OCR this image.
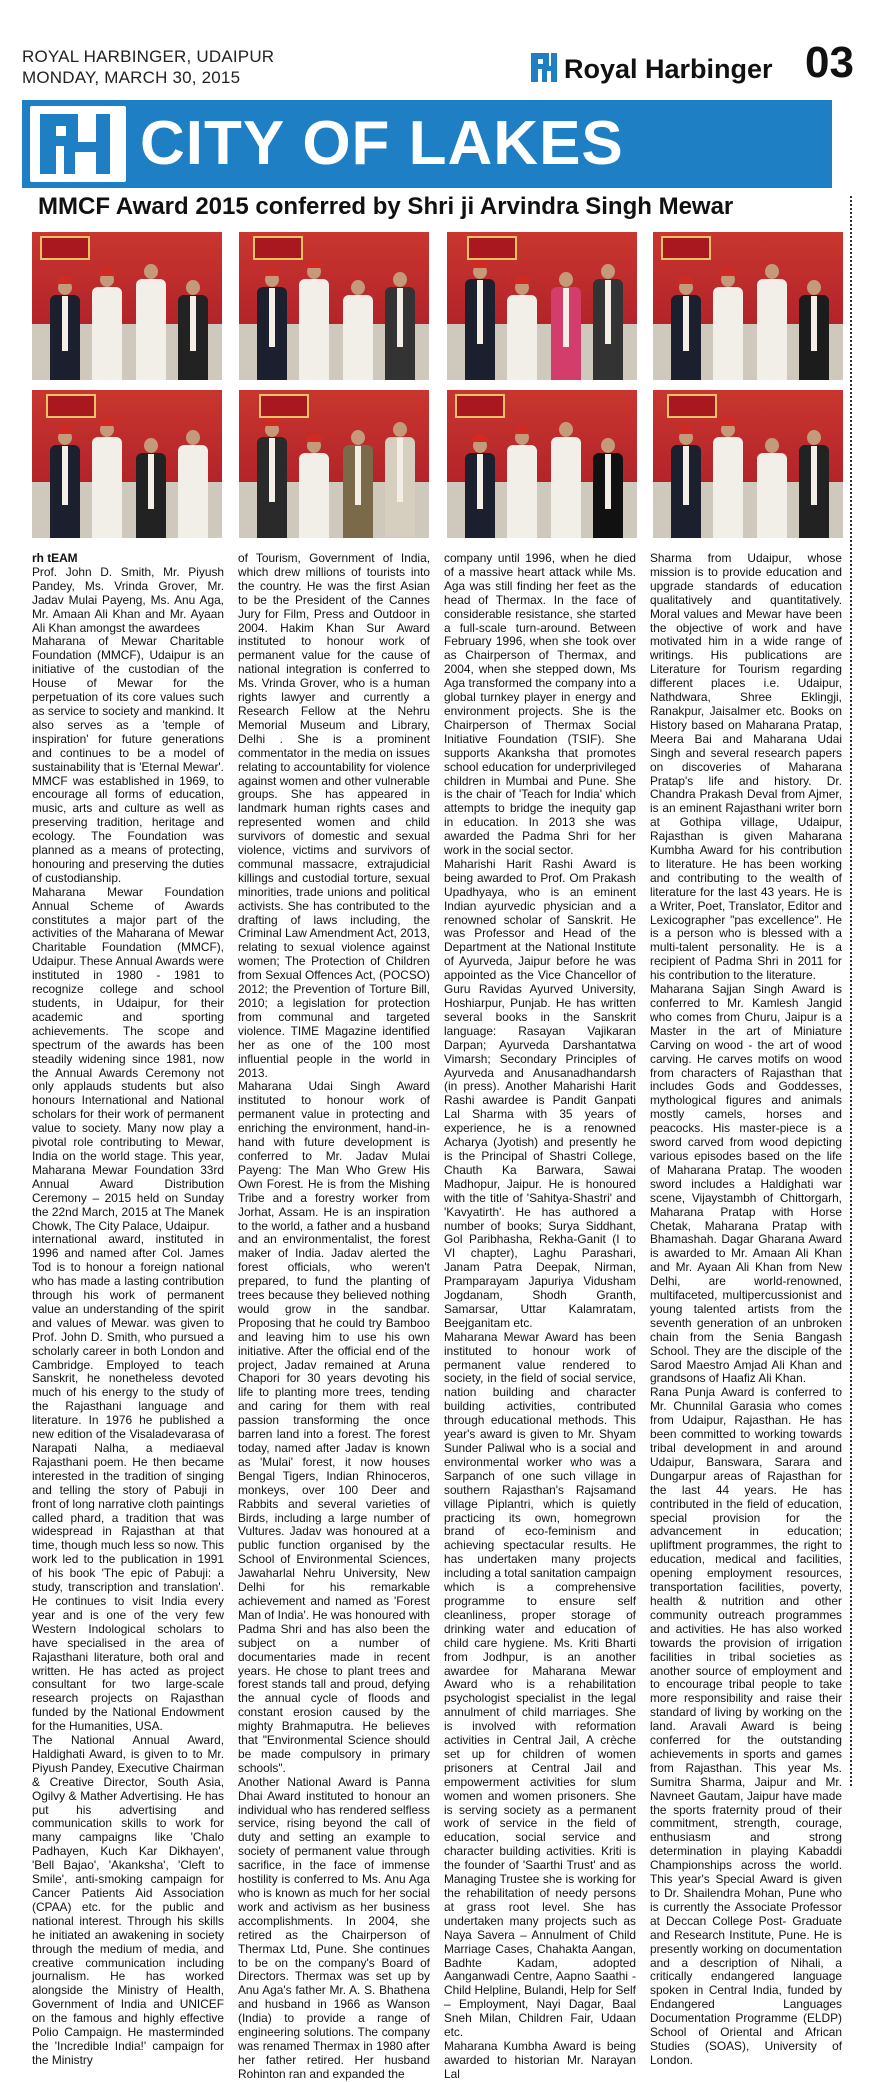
ROYAL HARBINGER, UDAIPUR
MONDAY, MARCH 30, 2015	Royal Harbinger 03
CITY OF LAKES
MMCF Award 2015 conferred by Shri ji Arvindra Singh Mewar

rh tEAM

Prof. John D. Smith, Mr. Piyush Pandey, Ms. Vrinda Grover, Mr. Jadav Mulai Payeng, Ms. Anu Aga, Mr. Amaan Ali Khan and Mr. Ayaan Ali Khan amongst the awardees
Maharana of Mewar Charitable Foundation (MMCF), Udaipur is an initiative of the custodian of the House of Mewar for the perpetuation of its core values such as service to society and mankind. It also serves as a 'temple of inspiration' for future generations and continues to be a model of sustainability that is 'Eternal Mewar'. MMCF was established in 1969, to encourage all forms of education, music, arts and culture as well as preserving tradition, heritage and ecology. The Foundation was planned as a means of protecting, honouring and preserving the duties of custodianship.
Maharana Mewar Foundation Annual Scheme of Awards constitutes a major part of the activities of the Maharana of Mewar Charitable Foundation (MMCF), Udaipur. These Annual Awards were instituted in 1980 - 1981 to recognize college and school students, in Udaipur, for their academic and sporting achievements. The scope and spectrum of the awards has been steadily widening since 1981, now the Annual Awards Ceremony not only applauds students but also honours International and National scholars for their work of permanent value to society. Many now play a pivotal role contributing to Mewar, India on the world stage. This year, Maharana Mewar Foundation 33rd Annual Award Distribution Ceremony – 2015 held on Sunday the 22nd March, 2015 at The Manek Chowk, The City Palace, Udaipur.
international award, instituted in 1996 and named after Col. James Tod is to honour a foreign national who has made a lasting contribution through his work of permanent value an understanding of the spirit and values of Mewar. was given to Prof. John D. Smith, who pursued a scholarly career in both London and Cambridge. Employed to teach Sanskrit, he nonetheless devoted much of his energy to the study of the Rajasthani language and literature. In 1976 he published a new edition of the Visaladevarasa of Narapati Nalha, a mediaeval Rajasthani poem. He then became interested in the tradition of singing and telling the story of Pabuji in front of long narrative cloth paintings called phard, a tradition that was widespread in Rajasthan at that time, though much less so now. This work led to the publication in 1991 of his book 'The epic of Pabuji: a study, transcription and translation'. He continues to visit India every year and is one of the very few Western Indological scholars to have specialised in the area of Rajasthani literature, both oral and written. He has acted as project consultant for two large-scale research projects on Rajasthan funded by the National Endowment for the Humanities, USA.
The National Annual Award, Haldighati Award, is given to to Mr. Piyush Pandey, Executive Chairman & Creative Director, South Asia, Ogilvy & Mather Advertising. He has put his advertising and communication skills to work for many campaigns like 'Chalo Padhayen, Kuch Kar Dikhayen', 'Bell Bajao', 'Akanksha', 'Cleft to Smile', anti-smoking campaign for Cancer Patients Aid Association (CPAA) etc. for the public and national interest. Through his skills he initiated an awakening in society through the medium of media, and creative communication including journalism. He has worked alongside the Ministry of Health, Government of India and UNICEF on the famous and highly effective Polio Campaign. He masterminded the 'Incredible India!' campaign for the Ministry
of Tourism, Government of India, which drew millions of tourists into the country. He was the first Asian to be the President of the Cannes Jury for Film, Press and Outdoor in 2004. Hakim Khan Sur Award instituted to honour work of permanent value for the cause of national integration is conferred to Ms. Vrinda Grover, who is a human rights lawyer and currently a Research Fellow at the Nehru Memorial Museum and Library, Delhi . She is a prominent commentator in the media on issues relating to accountability for violence against women and other vulnerable groups. She has appeared in landmark human rights cases and represented women and child survivors of domestic and sexual violence, victims and survivors of communal massacre, extrajudicial killings and custodial torture, sexual minorities, trade unions and political activists. She has contributed to the drafting of laws including, the Criminal Law Amendment Act, 2013, relating to sexual violence against women; The Protection of Children from Sexual Offences Act, (POCSO) 2012; the Prevention of Torture Bill, 2010; a legislation for protection from communal and targeted violence. TIME Magazine identified her as one of the 100 most influential people in the world in 2013.
Maharana Udai Singh Award instituted to honour work of permanent value in protecting and enriching the environment, hand-in-hand with future development is conferred to Mr. Jadav Mulai Payeng: The Man Who Grew His Own Forest. He is from the Mishing Tribe and a forestry worker from Jorhat, Assam. He is an inspiration to the world, a father and a husband and an environmentalist, the forest maker of India. Jadav alerted the forest officials, who weren't prepared, to fund the planting of trees because they believed nothing would grow in the sandbar. Proposing that he could try Bamboo and leaving him to use his own initiative. After the official end of the project, Jadav remained at Aruna Chapori for 30 years devoting his life to planting more trees, tending and caring for them with real passion transforming the once barren land into a forest. The forest today, named after Jadav is known as 'Mulai' forest, it now houses Bengal Tigers, Indian Rhinoceros, monkeys, over 100 Deer and Rabbits and several varieties of Birds, including a large number of Vultures. Jadav was honoured at a public function organised by the School of Environmental Sciences, Jawaharlal Nehru University, New Delhi for his remarkable achievement and named as 'Forest Man of India'. He was honoured with Padma Shri and has also been the subject on a number of documentaries made in recent years. He chose to plant trees and forest stands tall and proud, defying the annual cycle of floods and constant erosion caused by the mighty Brahmaputra. He believes that "Environmental Science should be made compulsory in primary schools".
Another National Award is Panna Dhai Award instituted to honour an individual who has rendered selfless service, rising beyond the call of duty and setting an example to society of permanent value through sacrifice, in the face of immense hostility is conferred to Ms. Anu Aga who is known as much for her social work and activism as her business accomplishments. In 2004, she retired as the Chairperson of Thermax Ltd, Pune. She continues to be on the company's Board of Directors. Thermax was set up by Anu Aga's father Mr. A. S. Bhathena and husband in 1966 as Wanson (India) to provide a range of engineering solutions. The company was renamed Thermax in 1980 after her father retired. Her husband Rohinton ran and expanded the
company until 1996, when he died of a massive heart attack while Ms. Aga was still finding her feet as the head of Thermax. In the face of considerable resistance, she started a full-scale turn-around. Between February 1996, when she took over as Chairperson of Thermax, and 2004, when she stepped down, Ms Aga transformed the company into a global turnkey player in energy and environment projects. She is the Chairperson of Thermax Social Initiative Foundation (TSIF). She supports Akanksha that promotes school education for underprivileged children in Mumbai and Pune. She is the chair of 'Teach for India' which attempts to bridge the inequity gap in education. In 2013 she was awarded the Padma Shri for her work in the social sector.
Maharishi Harit Rashi Award is being awarded to Prof. Om Prakash Upadhyaya, who is an eminent Indian ayurvedic physician and a renowned scholar of Sanskrit. He was Professor and Head of the Department at the National Institute of Ayurveda, Jaipur before he was appointed as the Vice Chancellor of Guru Ravidas Ayurved University, Hoshiarpur, Punjab. He has written several books in the Sanskrit language: Rasayan Vajikaran Darpan; Ayurveda Darshantatwa Vimarsh; Secondary Principles of Ayurveda and Anusanadhandarsh (in press). Another Maharishi Harit Rashi awardee is Pandit Ganpati Lal Sharma with 35 years of experience, he is a renowned Acharya (Jyotish) and presently he is the Principal of Shastri College, Chauth Ka Barwara, Sawai Madhopur, Jaipur. He is honoured with the title of 'Sahitya-Shastri' and 'Kavyatirth'. He has authored a number of books; Surya Siddhant, Gol Paribhasha, Rekha-Ganit (I to VI chapter), Laghu Parashari, Janam Patra Deepak, Nirman, Pramparayam Japuriya Vidusham Jogdanam, Shodh Granth, Samarsar, Uttar Kalamratam, Beejganitam etc.
Maharana Mewar Award has been instituted to honour work of permanent value rendered to society, in the field of social service, nation building and character building activities, contributed through educational methods. This year's award is given to Mr. Shyam Sunder Paliwal who is a social and environmental worker who was a Sarpanch of one such village in southern Rajasthan's Rajsamand village Piplantri, which is quietly practicing its own, homegrown brand of eco-feminism and achieving spectacular results. He has undertaken many projects including a total sanitation campaign which is a comprehensive programme to ensure self cleanliness, proper storage of drinking water and education of child care hygiene. Ms. Kriti Bharti from Jodhpur, is an another awardee for Maharana Mewar Award who is a rehabilitation psychologist specialist in the legal annulment of child marriages. She is involved with reformation activities in Central Jail, A crèche set up for children of women prisoners at Central Jail and empowerment activities for slum women and women prisoners. She is serving society as a permanent work of service in the field of education, social service and character building activities. Kriti is the founder of 'Saarthi Trust' and as Managing Trustee she is working for the rehabilitation of needy persons at grass root level. She has undertaken many projects such as Naya Savera – Annulment of Child Marriage Cases, Chahakta Aangan, Badhte Kadam, adopted Aanganwadi Centre, Aapno Saathi - Child Helpline, Bulandi, Help for Self – Employment, Nayi Dagar, Baal Sneh Milan, Children Fair, Udaan etc.
Maharana Kumbha Award is being awarded to historian Mr. Narayan Lal
Sharma from Udaipur, whose mission is to provide education and upgrade standards of education qualitatively and quantitatively. Moral values and Mewar have been the objective of work and have motivated him in a wide range of writings. His publications are Literature for Tourism regarding different places i.e. Udaipur, Nathdwara, Shree Eklingji, Ranakpur, Jaisalmer etc. Books on History based on Maharana Pratap, Meera Bai and Maharana Udai Singh and several research papers on discoveries of Maharana Pratap's life and history. Dr. Chandra Prakash Deval from Ajmer, is an eminent Rajasthani writer born at Gothipa village, Udaipur, Rajasthan is given Maharana Kumbha Award for his contribution to literature. He has been working and contributing to the wealth of literature for the last 43 years. He is a Writer, Poet, Translator, Editor and Lexicographer "pas excellence". He is a person who is blessed with a multi-talent personality. He is a recipient of Padma Shri in 2011 for his contribution to the literature.
Maharana Sajjan Singh Award is conferred to Mr. Kamlesh Jangid who comes from Churu, Jaipur is a Master in the art of Miniature Carving on wood - the art of wood carving. He carves motifs on wood from characters of Rajasthan that includes Gods and Goddesses, mythological figures and animals mostly camels, horses and peacocks. His master-piece is a sword carved from wood depicting various episodes based on the life of Maharana Pratap. The wooden sword includes a Haldighati war scene, Vijaystambh of Chittorgarh, Maharana Pratap with Horse Chetak, Maharana Pratap with Bhamashah. Dagar Gharana Award is awarded to Mr. Amaan Ali Khan and Mr. Ayaan Ali Khan from New Delhi, are world-renowned, multifaceted, multipercussionist and young talented artists from the seventh generation of an unbroken chain from the Senia Bangash School. They are the disciple of the Sarod Maestro Amjad Ali Khan and grandsons of Haafiz Ali Khan.
Rana Punja Award is conferred to Mr. Chunnilal Garasia who comes from Udaipur, Rajasthan. He has been committed to working towards tribal development in and around Udaipur, Banswara, Sarara and Dungarpur areas of Rajasthan for the last 44 years. He has contributed in the field of education, special provision for the advancement in education; upliftment programmes, the right to education, medical and facilities, opening employment resources, transportation facilities, poverty, health & nutrition and other community outreach programmes and activities. He has also worked towards the provision of irrigation facilities in tribal societies as another source of employment and to encourage tribal people to take more responsibility and raise their standard of living by working on the land. Aravali Award is being conferred for the outstanding achievements in sports and games from Rajasthan. This year Ms. Sumitra Sharma, Jaipur and Mr. Navneet Gautam, Jaipur have made the sports fraternity proud of their commitment, strength, courage, enthusiasm and strong determination in playing Kabaddi Championships across the world. This year's Special Award is given to Dr. Shailendra Mohan, Pune who is currently the Associate Professor at Deccan College Post- Graduate and Research Institute, Pune. He is presently working on documentation and a description of Nihali, a critically endangered language spoken in Central India, funded by Endangered Languages Documentation Programme (ELDP) School of Oriental and African Studies (SOAS), University of London.
